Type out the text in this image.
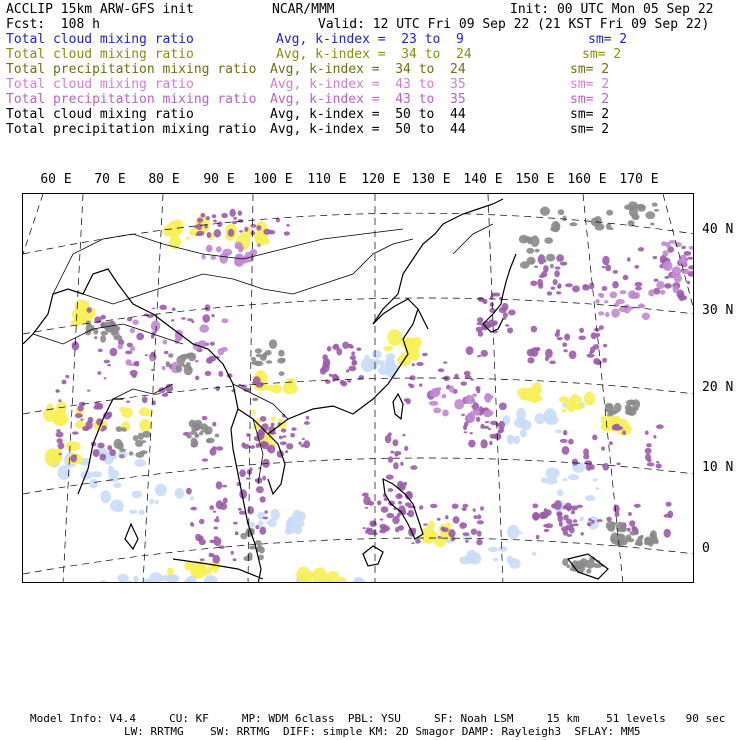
ACCLIP 15km ARW-GFS init	NCAR/MMM	Init: 00 UTC Mon 05 Sep 22
Fcst:  108 h	Valid: 12 UTC Fri 09 Sep 22 (21 KST Fri 09 Sep 22)
Total cloud mixing ratio	Avg, k-index =  23 to  9	sm= 2
Total cloud mixing ratio	Avg, k-index =  34 to  24	sm= 2
Total precipitation mixing ratio Avg, k-index =  34 to  24	sm= 2
Total cloud mixing ratio	Avg, k-index =  43 to  35	sm= 2
Total precipitation mixing ratio Avg, k-index =  43 to  35	sm= 2
Total cloud mixing ratio	Avg, k-index =  50 to  44	sm= 2
Total precipitation mixing ratio Avg, k-index =  50 to  44	sm= 2
60 E 70 E 80 E 90 E 100 E 110 E 120 E 130 E 140 E 150 E 160 E 170 E
40 N
30 N
20 N
10 N
0
Model Info: V4.4     CU: KF     MP: WDM 6class  PBL: YSU     SF: Noah LSM     15 km    51 levels   90 sec
LW: RRTMG    SW: RRTMG  DIFF: simple KM: 2D Smagor DAMP: Rayleigh3  SFLAY: MM5
